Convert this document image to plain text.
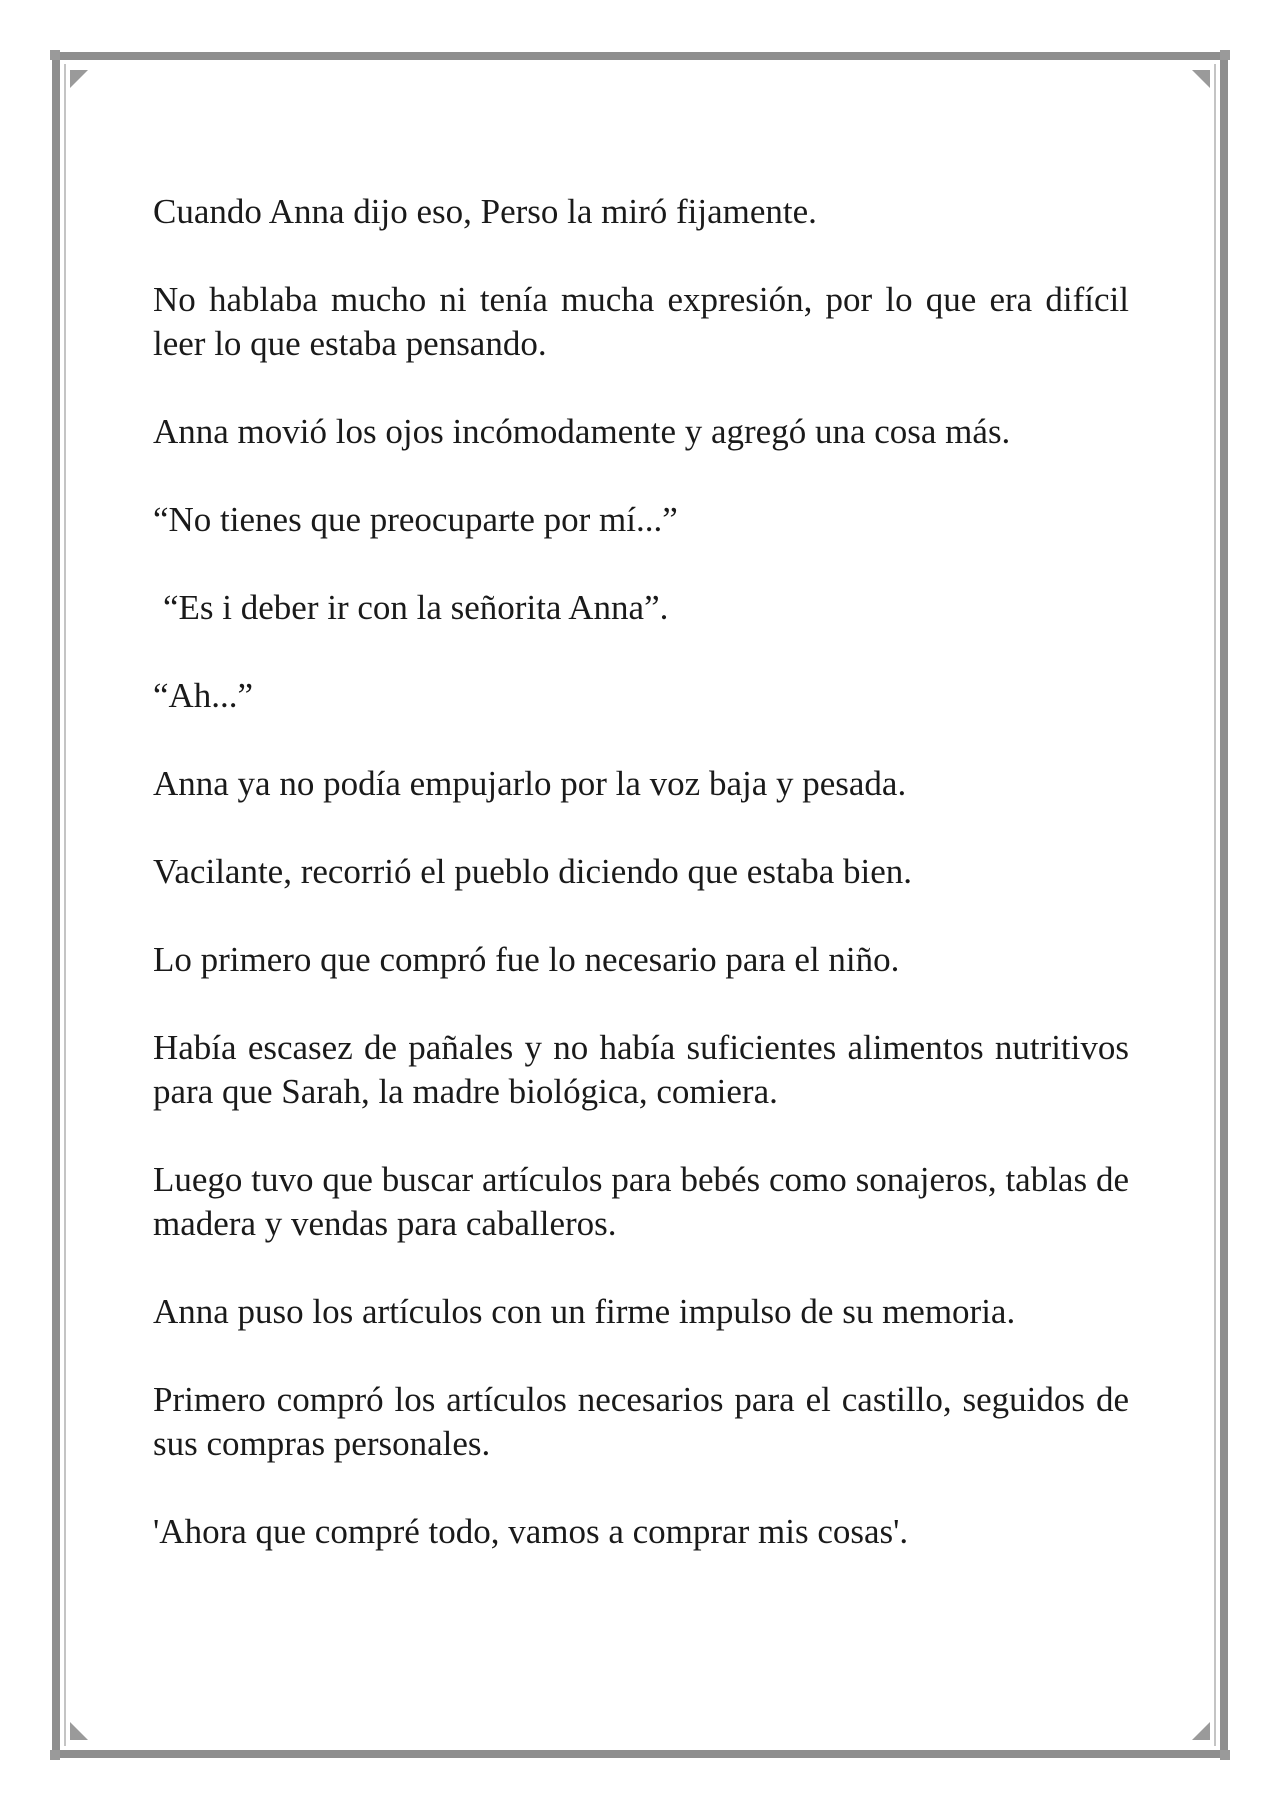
Cuando Anna dijo eso, Perso la miró fijamente.

No hablaba mucho ni tenía mucha expresión, por lo que era difícil leer lo que estaba pensando.

Anna movió los ojos incómodamente y agregó una cosa más.

“No tienes que preocuparte por mí...”

“Es i deber ir con la señorita Anna”.

“Ah...”

Anna ya no podía empujarlo por la voz baja y pesada.

Vacilante, recorrió el pueblo diciendo que estaba bien.

Lo primero que compró fue lo necesario para el niño.

Había escasez de pañales y no había suficientes alimentos nutritivos para que Sarah, la madre biológica, comiera.

Luego tuvo que buscar artículos para bebés como sonajeros, tablas de madera y vendas para caballeros.

Anna puso los artículos con un firme impulso de su memoria.

Primero compró los artículos necesarios para el castillo, seguidos de sus compras personales.

'Ahora que compré todo, vamos a comprar mis cosas'.
